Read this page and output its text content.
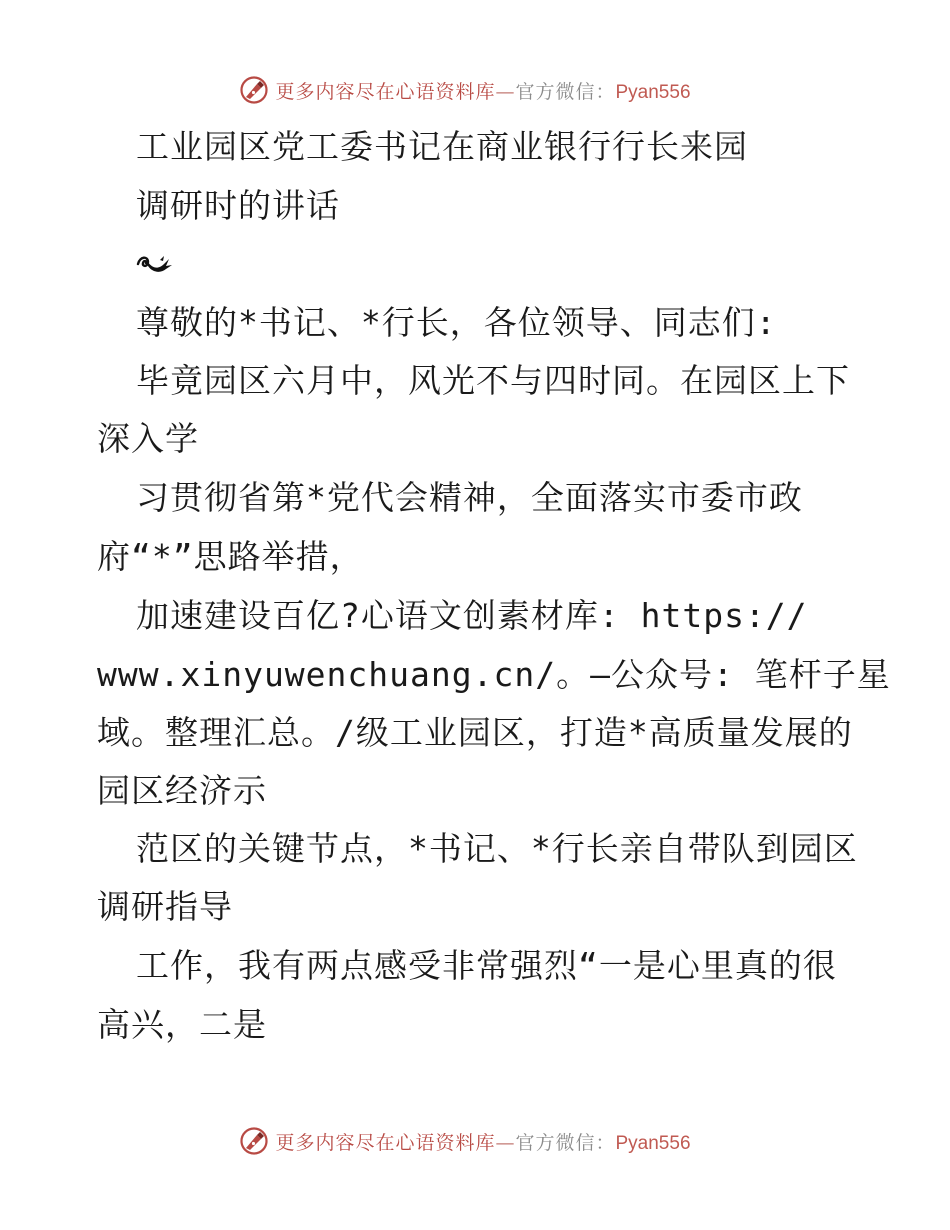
更多内容尽在心语资料库—官方微信：Pyan556
工业园区党工委书记在商业银行行长来园
调研时的讲话
尊敬的*书记、*行长，各位领导、同志们:
毕竟园区六月中，风光不与四时同。在园区上下
深入学
习贯彻省第*党代会精神，全面落实市委市政
府“*”思路举措，
加速建设百亿?心语文创素材库: https://
www.xinyuwenchuang.cn/。—公众号: 笔杆子星
域。整理汇总。/级工业园区，打造*高质量发展的
园区经济示
范区的关键节点，*书记、*行长亲自带队到园区
调研指导
工作，我有两点感受非常强烈“一是心里真的很
高兴，二是
更多内容尽在心语资料库—官方微信：Pyan556
